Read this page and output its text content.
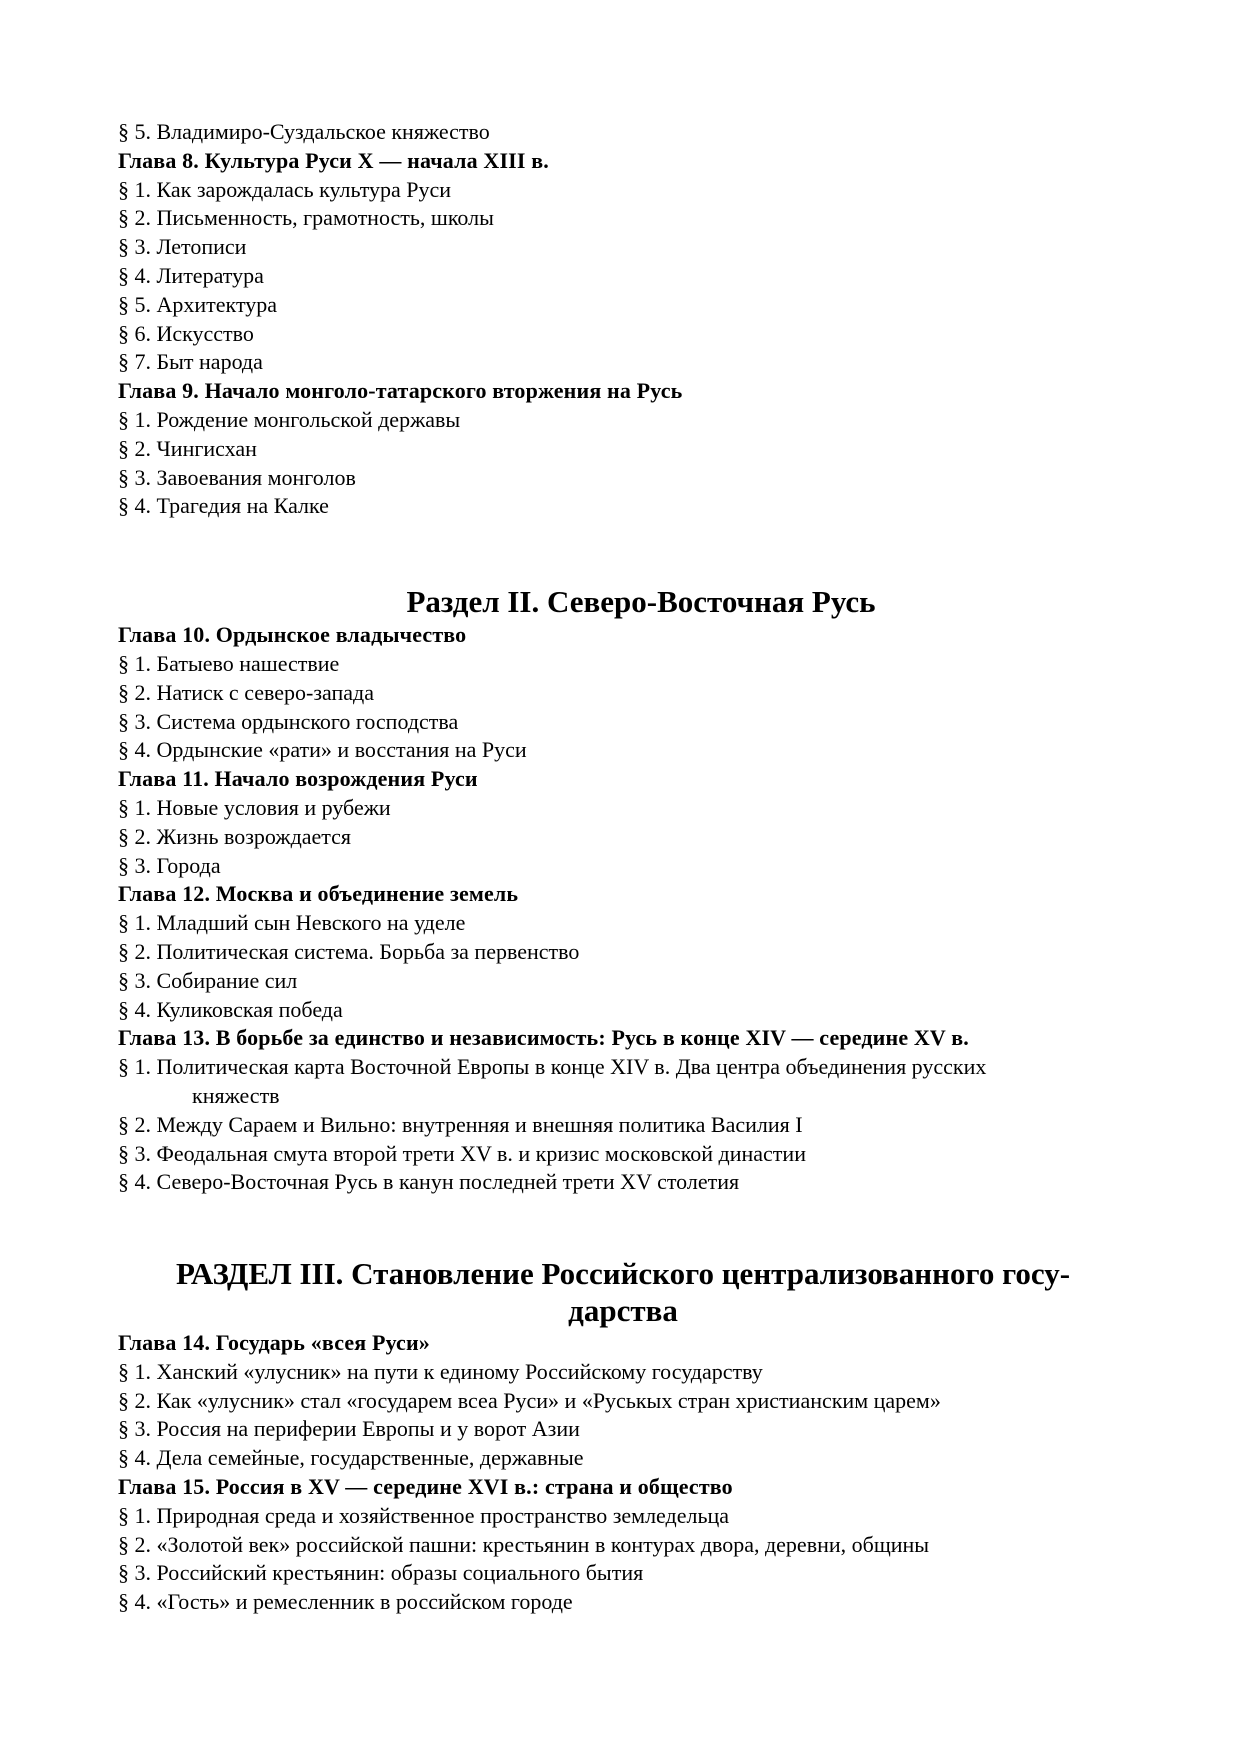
§ 5. Владимиро-Суздальское княжество
Глава 8. Культура Руси X — начала XIII в.
§ 1. Как зарождалась культура Руси
§ 2. Письменность, грамотность, школы
§ 3. Летописи
§ 4. Литература
§ 5. Архитектура
§ 6. Искусство
§ 7. Быт народа
Глава 9. Начало монголо-татарского вторжения на Русь
§ 1. Рождение монгольской державы
§ 2. Чингисхан
§ 3. Завоевания монголов
§ 4. Трагедия на Калке
Раздел II. Северо-Восточная Русь
Глава 10. Ордынское владычество
§ 1. Батыево нашествие
§ 2. Натиск с северо-запада
§ 3. Система ордынского господства
§ 4. Ордынские «рати» и восстания на Руси
Глава 11. Начало возрождения Руси
§ 1. Новые условия и рубежи
§ 2. Жизнь возрождается
§ 3. Города
Глава 12. Москва и объединение земель
§ 1. Младший сын Невского на уделе
§ 2. Политическая система. Борьба за первенство
§ 3. Собирание сил
§ 4. Куликовская победа
Глава 13. В борьбе за единство и независимость: Русь в конце XIV — середине XV в.
§ 1. Политическая карта Восточной Европы в конце XIV в. Два центра объединения русских
княжеств
§ 2. Между Сараем и Вильно: внутренняя и внешняя политика Василия I
§ 3. Феодальная смута второй трети XV в. и кризис московской династии
§ 4. Северо-Восточная Русь в канун последней трети XV столетия
РАЗДЕЛ III. Становление Российского централизованного госу-
дарства
Глава 14. Государь «всея Руси»
§ 1. Ханский «улусник» на пути к единому Российскому государству
§ 2. Как «улусник» стал «государем всеа Руси» и «Руськых стран христианским царем»
§ 3. Россия на периферии Европы и у ворот Азии
§ 4. Дела семейные, государственные, державные
Глава 15. Россия в XV — середине XVI в.: страна и общество
§ 1. Природная среда и хозяйственное пространство земледельца
§ 2. «Золотой век» российской пашни: крестьянин в контурах двора, деревни, общины
§ 3. Российский крестьянин: образы социального бытия
§ 4. «Гость» и ремесленник в российском городе
